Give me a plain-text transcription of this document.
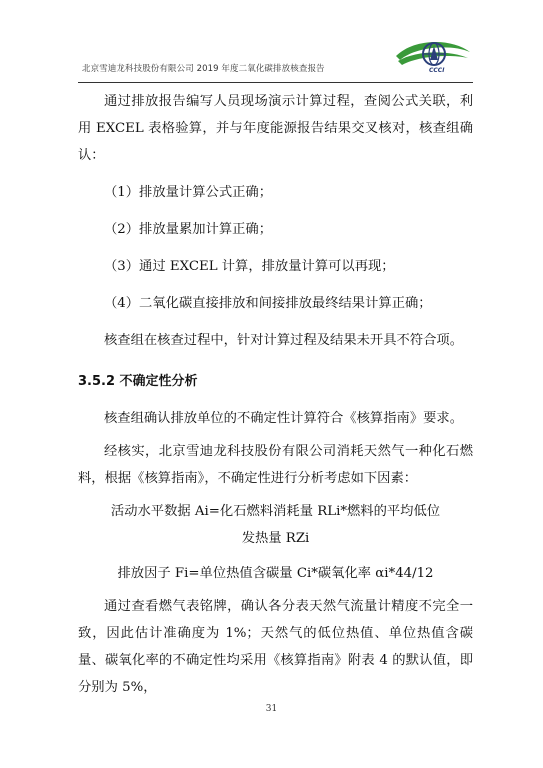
北京雪迪龙科技股份有限公司 2019 年度二氧化碳排放核查报告	CCCI

通过排放报告编写人员现场演示计算过程，查阅公式关联，利用 EXCEL 表格验算，并与年度能源报告结果交叉核对，核查组确认：

（1）排放量计算公式正确；

（2）排放量累加计算正确；

（3）通过 EXCEL 计算，排放量计算可以再现；

（4）二氧化碳直接排放和间接排放最终结果计算正确；

核查组在核查过程中，针对计算过程及结果未开具不符合项。

3.5.2 不确定性分析

核查组确认排放单位的不确定性计算符合《核算指南》要求。

经核实，北京雪迪龙科技股份有限公司消耗天然气一种化石燃料，根据《核算指南》，不确定性进行分析考虑如下因素：

活动水平数据 Ai=化石燃料消耗量 RLi*燃料的平均低位发热量 RZi

排放因子 Fi=单位热值含碳量 Ci*碳氧化率 αi*44/12

通过查看燃气表铭牌，确认各分表天然气流量计精度不完全一致，因此估计准确度为 1%；天然气的低位热值、单位热值含碳量、碳氧化率的不确定性均采用《核算指南》附表 4 的默认值，即分别为 5%，

31
